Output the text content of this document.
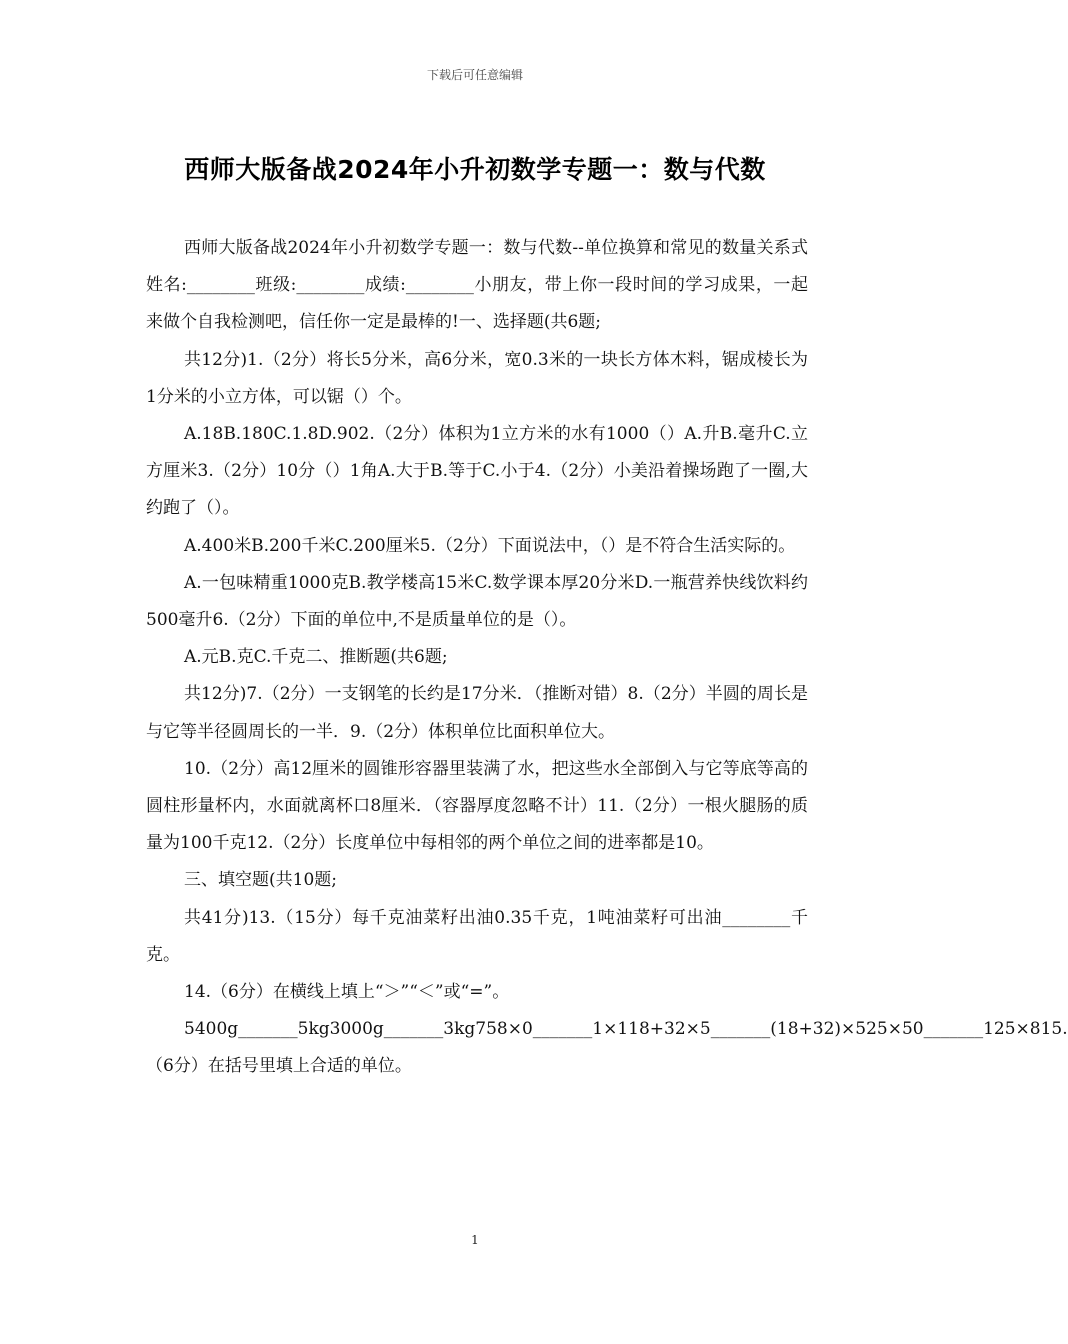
下载后可任意编辑
西师大版备战2024年小升初数学专题一：数与代数

西师大版备战2024年小升初数学专题一：数与代数--单位换算和常见的数量关系式姓名:________班级:________成绩:________小朋友，带上你一段时间的学习成果，一起来做个自我检测吧，信任你一定是最棒的!一、选择题(共6题;

共12分)1.（2分）将长5分米，高6分米，宽0.3米的一块长方体木料，锯成棱长为1分米的小立方体，可以锯（）个。

A.18B.180C.1.8D.902.（2分）体积为1立方米的水有1000（）A.升B.毫升C.立方厘米3.（2分）10分（）1角A.大于B.等于C.小于4.（2分）小美沿着操场跑了一圈,大约跑了（）。

A.400米B.200千米C.200厘米5.（2分）下面说法中，（）是不符合生活实际的。

A.一包味精重1000克B.教学楼高15米C.数学课本厚20分米D.一瓶营养快线饮料约500毫升6.（2分）下面的单位中,不是质量单位的是（）。

A.元B.克C.千克二、推断题(共6题;

共12分)7.（2分）一支钢笔的长约是17分米．（推断对错）8.（2分）半圆的周长是与它等半径圆周长的一半．9.（2分）体积单位比面积单位大。

10.（2分）高12厘米的圆锥形容器里装满了水，把这些水全部倒入与它等底等高的圆柱形量杯内，水面就离杯口8厘米．（容器厚度忽略不计）11.（2分）一根火腿肠的质量为100千克12.（2分）长度单位中每相邻的两个单位之间的进率都是10。

三、填空题(共10题;

共41分)13.（15分）每千克油菜籽出油0.35千克，1吨油菜籽可出油________千克。

14.（6分）在横线上填上“＞”“＜”或“=”。

5400g_______5kg3000g_______3kg758×0_______1×118+32×5_______(18+32)×525×50_______125×815.（6分）在括号里填上合适的单位。

1
